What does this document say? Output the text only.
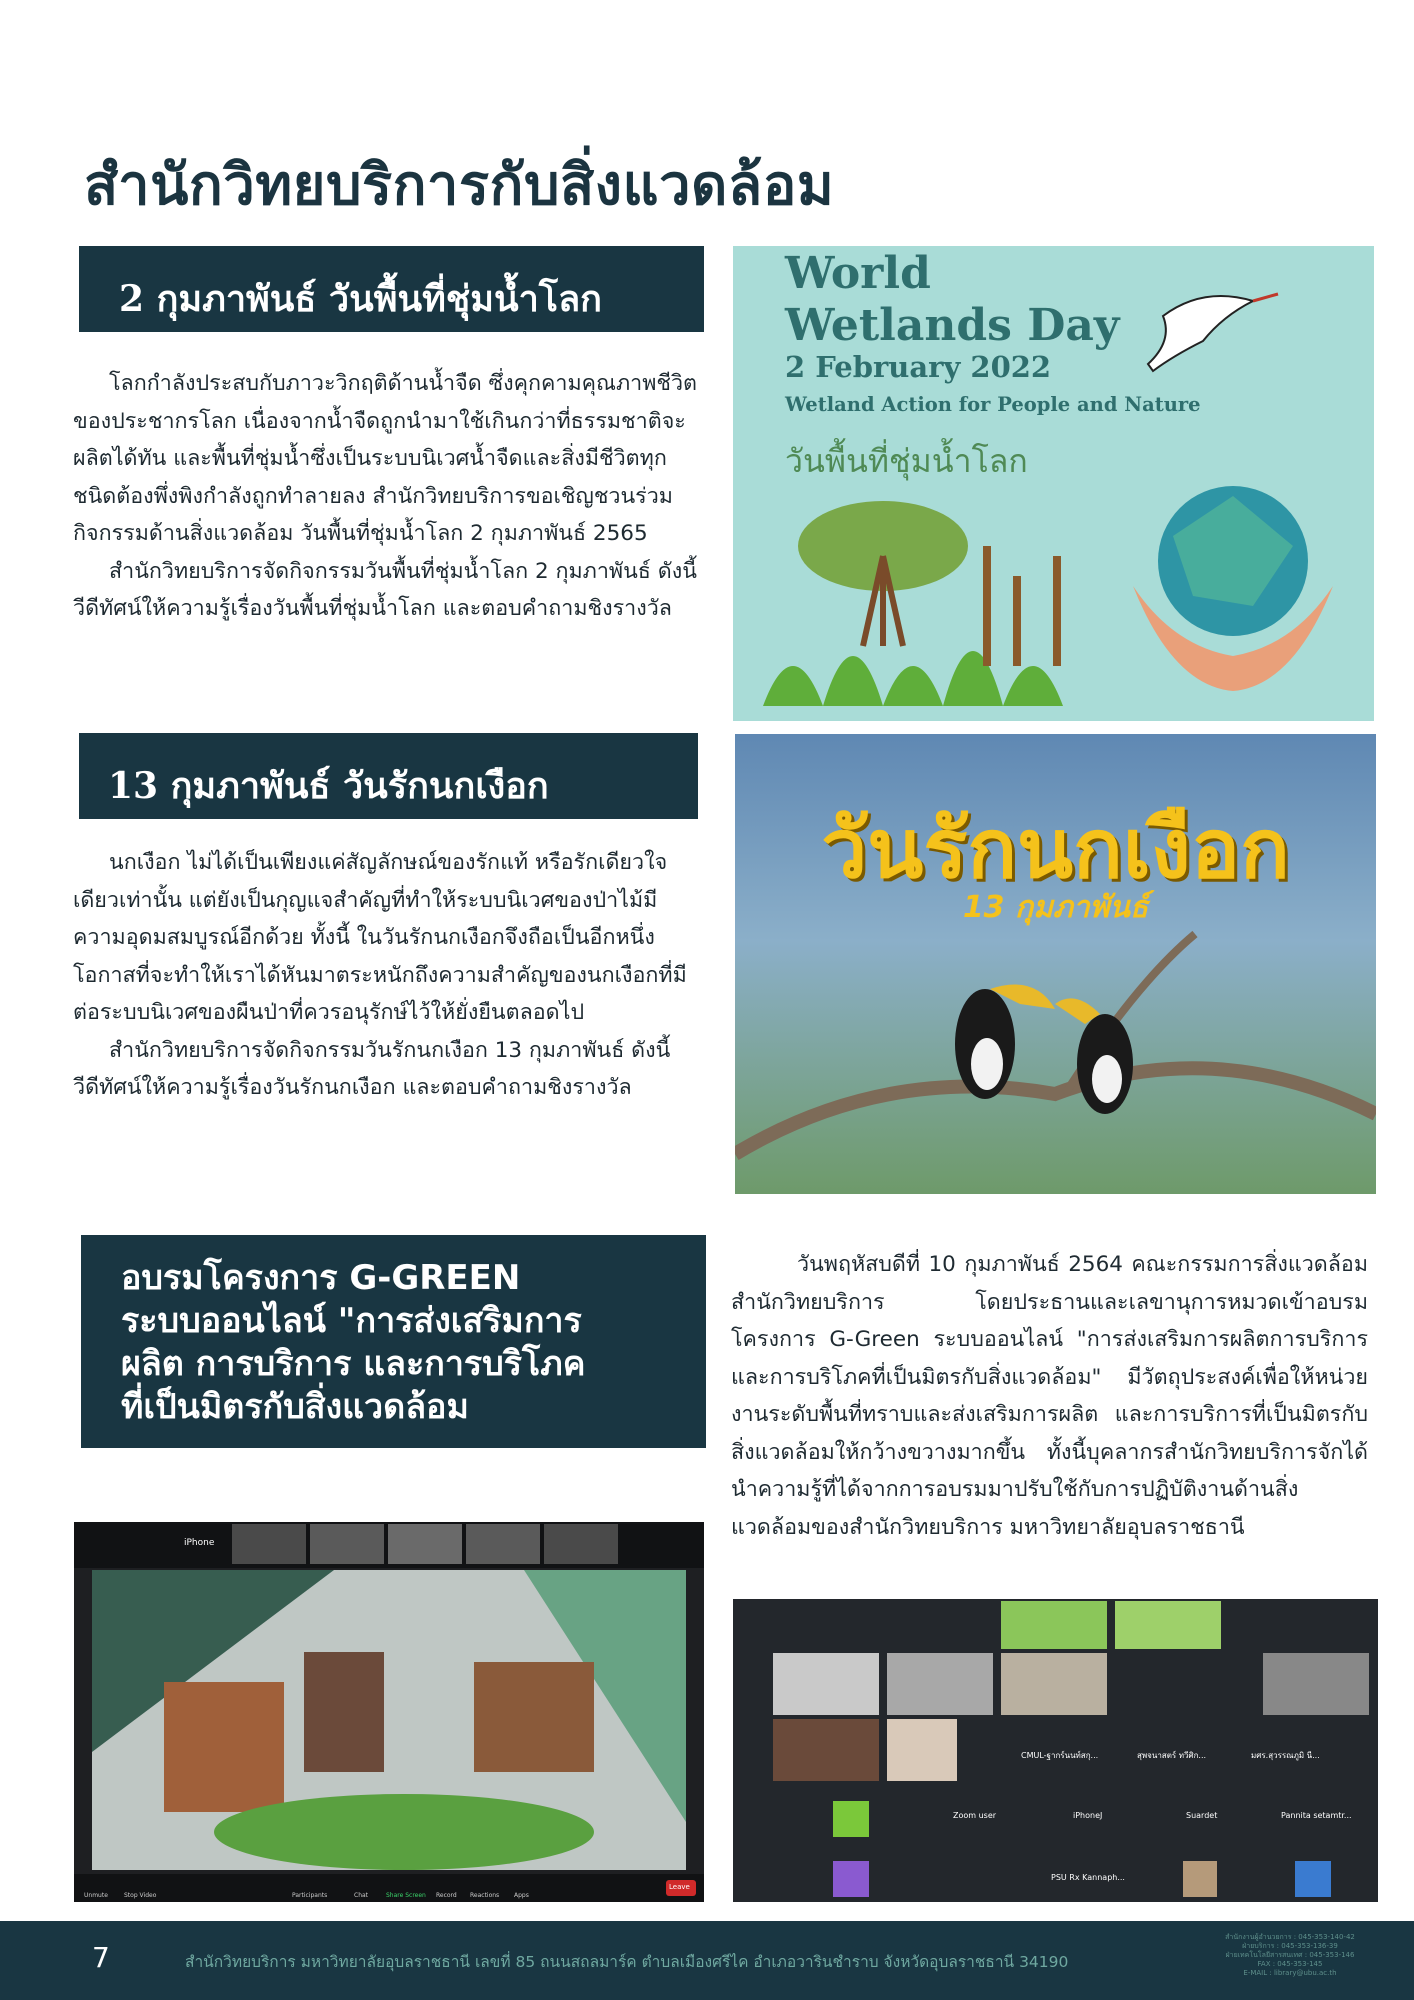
สำนักวิทยบริการกับสิ่งแวดล้อม
2 กุมภาพันธ์ วันพื้นที่ชุ่มน้ำโลก

โลกกำลังประสบกับภาวะวิกฤติด้านน้ำจืด ซึ่งคุกคามคุณภาพชีวิตของประชากรโลก เนื่องจากน้ำจืดถูกนำมาใช้เกินกว่าที่ธรรมชาติจะผลิตได้ทัน และพื้นที่ชุ่มน้ำซึ่งเป็นระบบนิเวศน้ำจืดและสิ่งมีชีวิตทุกชนิดต้องพึ่งพิงกำลังถูกทำลายลง สำนักวิทยบริการขอเชิญชวนร่วมกิจกรรมด้านสิ่งแวดล้อม วันพื้นที่ชุ่มน้ำโลก 2 กุมภาพันธ์ 2565

สำนักวิทยบริการจัดกิจกรรมวันพื้นที่ชุ่มน้ำโลก 2 กุมภาพันธ์ ดังนี้ วีดีทัศน์ให้ความรู้เรื่องวันพื้นที่ชุ่มน้ำโลก และตอบคำถามชิงรางวัล

World
Wetlands Day
2 February 2022
Wetland Action for People and Nature
วันพื้นที่ชุ่มน้ำโลก
13 กุมภาพันธ์ วันรักนกเงือก

นกเงือก ไม่ได้เป็นเพียงแค่สัญลักษณ์ของรักแท้ หรือรักเดียวใจเดียวเท่านั้น แต่ยังเป็นกุญแจสำคัญที่ทำให้ระบบนิเวศของป่าไม้มีความอุดมสมบูรณ์อีกด้วย ทั้งนี้ ในวันรักนกเงือกจึงถือเป็นอีกหนึ่งโอกาสที่จะทำให้เราได้หันมาตระหนักถึงความสำคัญของนกเงือกที่มีต่อระบบนิเวศของผืนป่าที่ควรอนุรักษ์ไว้ให้ยั่งยืนตลอดไป

สำนักวิทยบริการจัดกิจกรรมวันรักนกเงือก 13 กุมภาพันธ์ ดังนี้ วีดีทัศน์ให้ความรู้เรื่องวันรักนกเงือก และตอบคำถามชิงรางวัล

วันรักนกเงือก
13 กุมภาพันธ์
อบรมโครงการ G-GREEN
ระบบออนไลน์ "การส่งเสริมการ
ผลิต การบริการ และการบริโภค
ที่เป็นมิตรกับสิ่งแวดล้อม

วันพฤหัสบดีที่ 10 กุมภาพันธ์ 2564 คณะกรรมการสิ่งแวดล้อมสำนักวิทยบริการ โดยประธานและเลขานุการหมวดเข้าอบรมโครงการ G-Green ระบบออนไลน์ "การส่งเสริมการผลิตการบริการ และการบริโภคที่เป็นมิตรกับสิ่งแวดล้อม" มีวัตถุประสงค์เพื่อให้หน่วยงานระดับพื้นที่ทราบและส่งเสริมการผลิต และการบริการที่เป็นมิตรกับสิ่งแวดล้อมให้กว้างขวางมากขึ้น ทั้งนี้บุคลากรสำนักวิทยบริการจักได้นำความรู้ที่ได้จากการอบรมมาปรับใช้กับการปฏิบัติงานด้านสิ่งแวดล้อมของสำนักวิทยบริการ มหาวิทยาลัยอุบลราชธานี

iPhone
Leave
Unmute	Stop Video	Participants	Chat	Share Screen Record Reactions Apps
CMUL-ฐากร์นนท์สกุ...	สุพจนาสตร์ ทวีศิก...	มศร.สุวรรณภูมิ นี...
Zoom user	iPhoneJ	Suardet	Pannita setamtr...
PSU Rx Kannaph...
7	สำนักวิทยบริการ มหาวิทยาลัยอุบลราชธานี เลขที่ 85 ถนนสถลมาร์ค ตำบลเมืองศรีไค อำเภอวารินชำราบ จังหวัดอุบลราชธานี 34190
สำนักงานผู้อำนวยการ : 045-353-140-42
ฝ่ายบริการ : 045-353-136-39
ฝ่ายเทคโนโลยีสารสนเทศ : 045-353-146
FAX : 045-353-145
E-MAIL : library@ubu.ac.th
